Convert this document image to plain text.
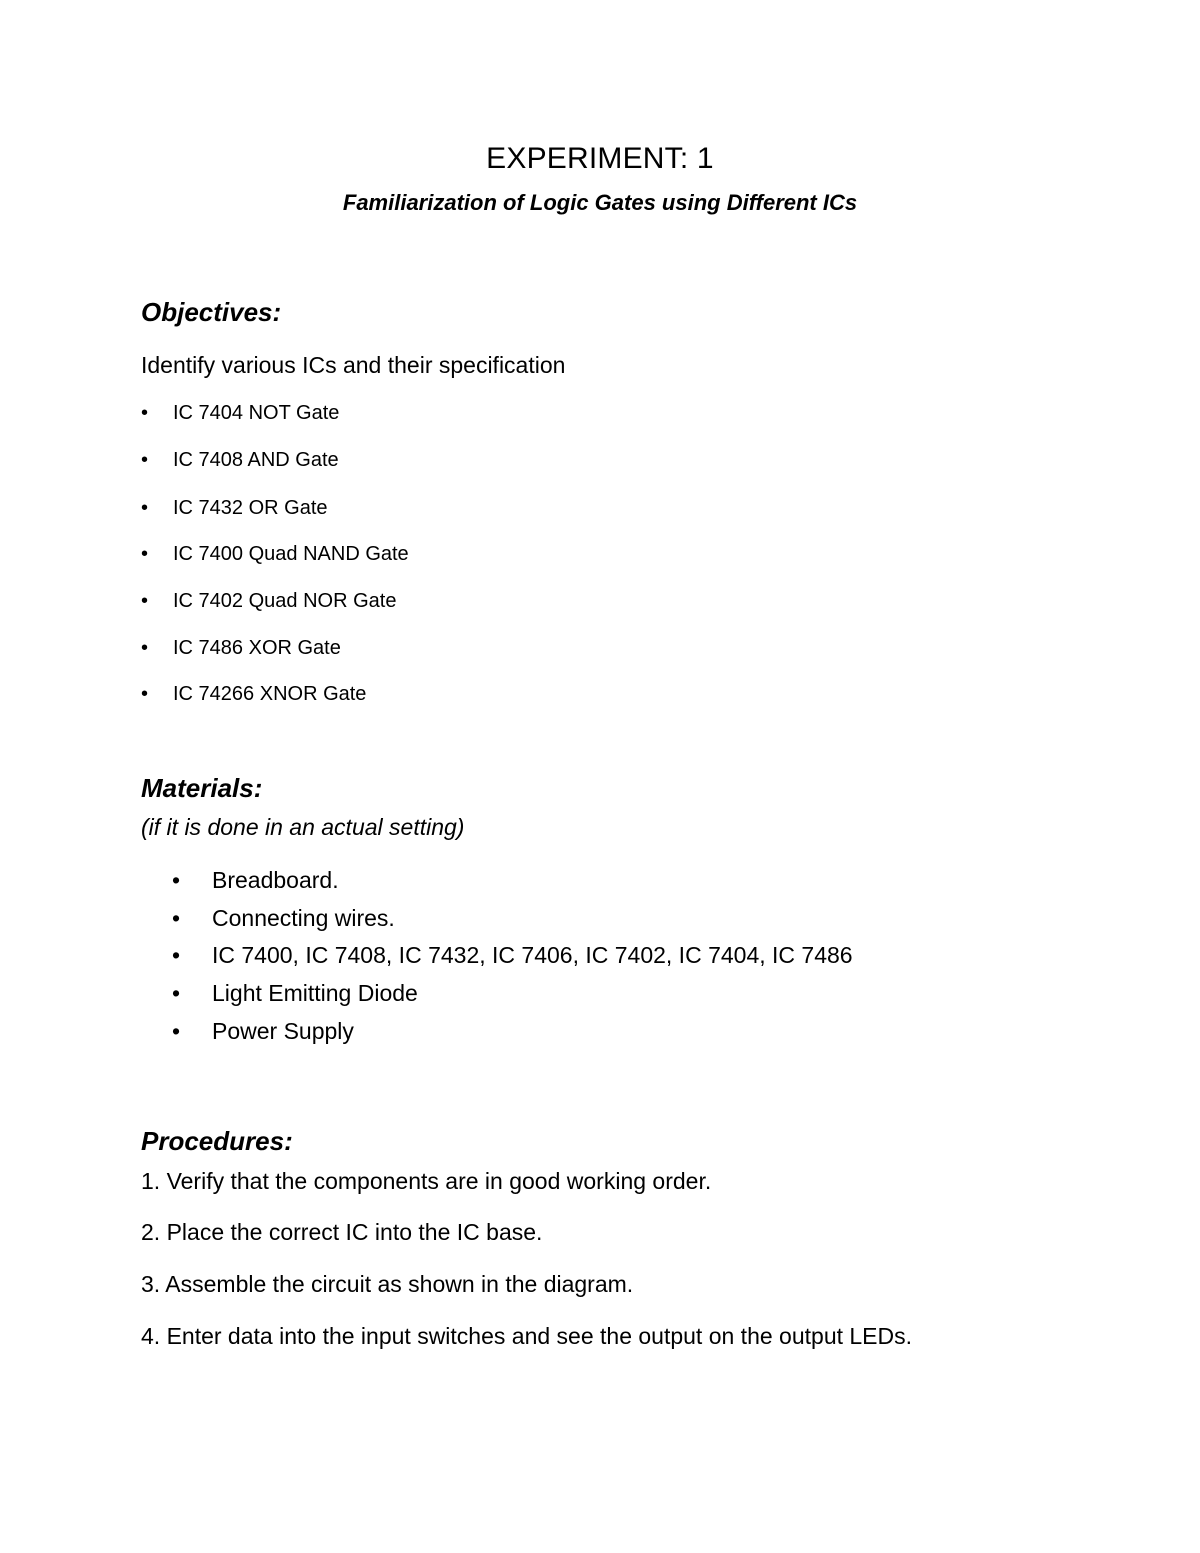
EXPERIMENT: 1
Familiarization of Logic Gates using Different ICs
Objectives:
Identify various ICs and their specification
• IC 7404 NOT Gate
• IC 7408 AND Gate
• IC 7432 OR Gate
• IC 7400 Quad NAND Gate
• IC 7402 Quad NOR Gate
• IC 7486 XOR Gate
• IC 74266 XNOR Gate
Materials:
(if it is done in an actual setting)
• Breadboard.
• Connecting wires.
• IC 7400, IC 7408, IC 7432, IC 7406, IC 7402, IC 7404, IC 7486
• Light Emitting Diode
• Power Supply
Procedures:
1. Verify that the components are in good working order.
2. Place the correct IC into the IC base.
3. Assemble the circuit as shown in the diagram.
4. Enter data into the input switches and see the output on the output LEDs.
